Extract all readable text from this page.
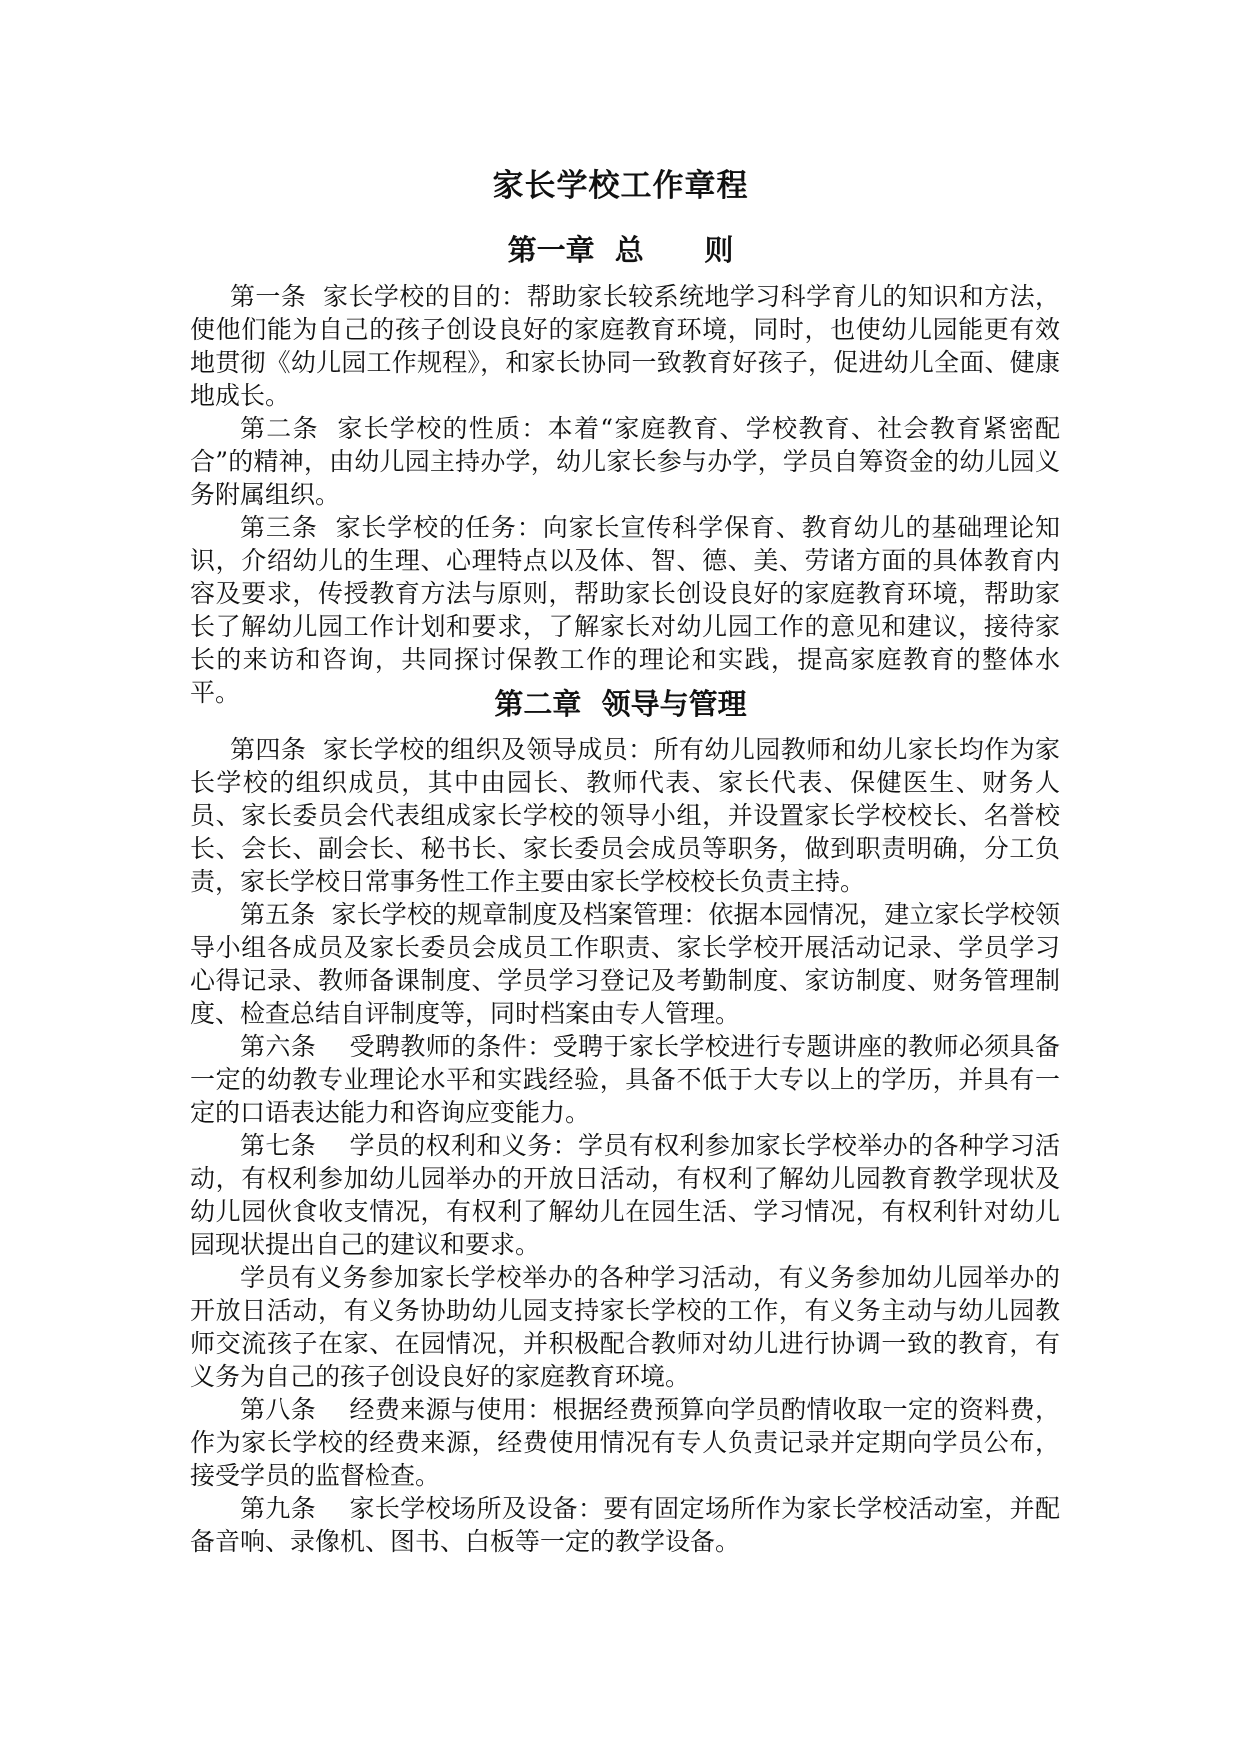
家长学校工作章程
第一章  总      则

第一条  家长学校的目的：帮助家长较系统地学习科学育儿的知识和方法，使他们能为自己的孩子创设良好的家庭教育环境，同时，也使幼儿园能更有效地贯彻《幼儿园工作规程》，和家长协同一致教育好孩子，促进幼儿全面、健康地成长。

第二条  家长学校的性质：本着“家庭教育、学校教育、社会教育紧密配合”的精神，由幼儿园主持办学，幼儿家长参与办学，学员自筹资金的幼儿园义务附属组织。

第三条  家长学校的任务：向家长宣传科学保育、教育幼儿的基础理论知识，介绍幼儿的生理、心理特点以及体、智、德、美、劳诸方面的具体教育内容及要求，传授教育方法与原则，帮助家长创设良好的家庭教育环境，帮助家长了解幼儿园工作计划和要求，了解家长对幼儿园工作的意见和建议，接待家长的来访和咨询，共同探讨保教工作的理论和实践，提高家庭教育的整体水平。	第二章  领导与管理

第四条  家长学校的组织及领导成员：所有幼儿园教师和幼儿家长均作为家长学校的组织成员，其中由园长、教师代表、家长代表、保健医生、财务人员、家长委员会代表组成家长学校的领导小组，并设置家长学校校长、名誉校长、会长、副会长、秘书长、家长委员会成员等职务，做到职责明确，分工负责，家长学校日常事务性工作主要由家长学校校长负责主持。

第五条  家长学校的规章制度及档案管理：依据本园情况，建立家长学校领导小组各成员及家长委员会成员工作职责、家长学校开展活动记录、学员学习心得记录、教师备课制度、学员学习登记及考勤制度、家访制度、财务管理制度、检查总结自评制度等，同时档案由专人管理。

第六条    受聘教师的条件：受聘于家长学校进行专题讲座的教师必须具备一定的幼教专业理论水平和实践经验，具备不低于大专以上的学历，并具有一定的口语表达能力和咨询应变能力。

第七条    学员的权利和义务：学员有权利参加家长学校举办的各种学习活动，有权利参加幼儿园举办的开放日活动，有权利了解幼儿园教育教学现状及幼儿园伙食收支情况，有权利了解幼儿在园生活、学习情况，有权利针对幼儿园现状提出自己的建议和要求。

学员有义务参加家长学校举办的各种学习活动，有义务参加幼儿园举办的开放日活动，有义务协助幼儿园支持家长学校的工作，有义务主动与幼儿园教师交流孩子在家、在园情况，并积极配合教师对幼儿进行协调一致的教育，有义务为自己的孩子创设良好的家庭教育环境。

第八条    经费来源与使用：根据经费预算向学员酌情收取一定的资料费，作为家长学校的经费来源，经费使用情况有专人负责记录并定期向学员公布，接受学员的监督检查。

第九条    家长学校场所及设备：要有固定场所作为家长学校活动室，并配备音响、录像机、图书、白板等一定的教学设备。
